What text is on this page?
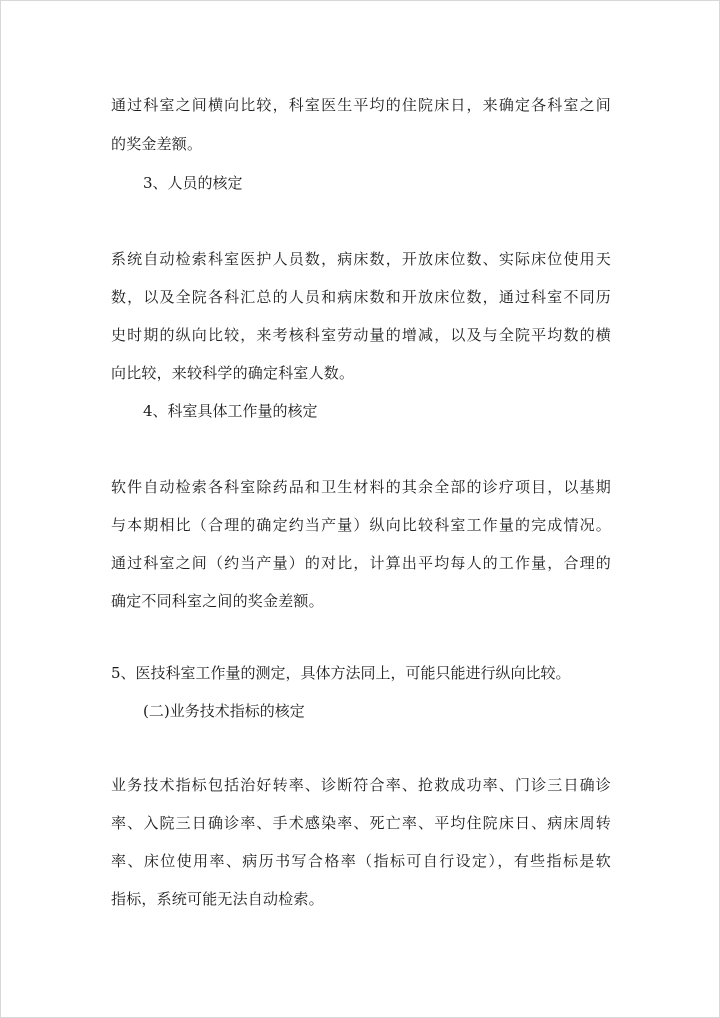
通过科室之间横向比较，科室医生平均的住院床日，来确定各科室之间
的奖金差额。
3、人员的核定
系统自动检索科室医护人员数，病床数，开放床位数、实际床位使用天
数，以及全院各科汇总的人员和病床数和开放床位数，通过科室不同历
史时期的纵向比较，来考核科室劳动量的增减，以及与全院平均数的横
向比较，来较科学的确定科室人数。
4、科室具体工作量的核定
软件自动检索各科室除药品和卫生材料的其余全部的诊疗项目，以基期
与本期相比（合理的确定约当产量）纵向比较科室工作量的完成情况。
通过科室之间（约当产量）的对比，计算出平均每人的工作量，合理的
确定不同科室之间的奖金差额。
5、医技科室工作量的测定，具体方法同上，可能只能进行纵向比较。
(二)业务技术指标的核定
业务技术指标包括治好转率、诊断符合率、抢救成功率、门诊三日确诊
率、入院三日确诊率、手术感染率、死亡率、平均住院床日、病床周转
率、床位使用率、病历书写合格率（指标可自行设定），有些指标是软
指标，系统可能无法自动检索。
